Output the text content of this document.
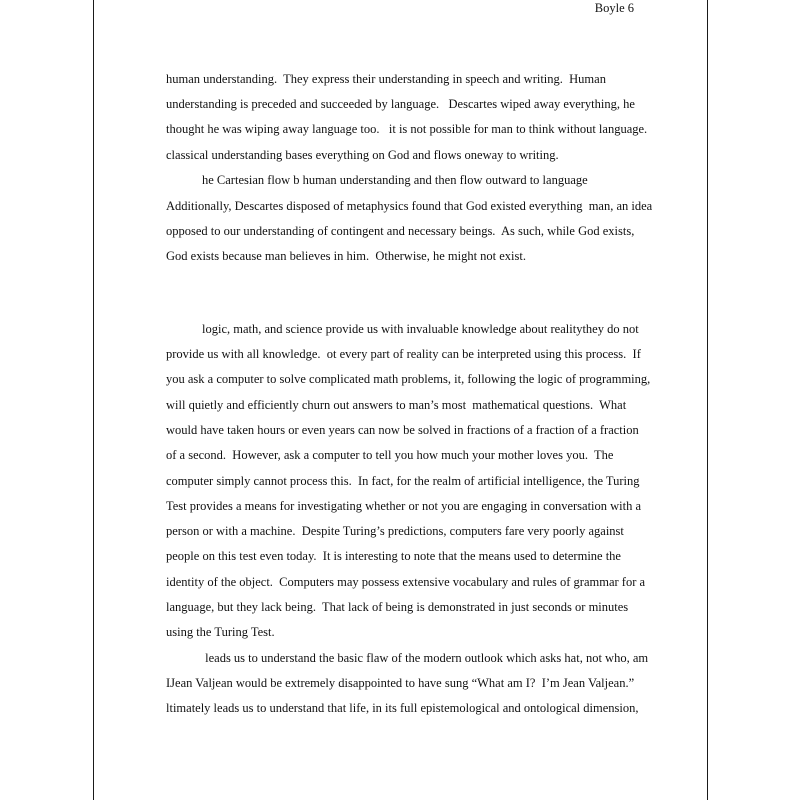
Boyle 6
human understanding.  They express their understanding in speech and writing.  Human
understanding is preceded and succeeded by language.   Descartes wiped away everything, he
thought he was wiping away language too.   it is not possible for man to think without language.
classical understanding bases everything on God and flows oneway to writing.
he Cartesian flow b human understanding and then flow outward to language
Additionally, Descartes disposed of metaphysics found that God existed everything  man, an idea
opposed to our understanding of contingent and necessary beings.  As such, while God exists,
God exists because man believes in him.  Otherwise, he might not exist.
logic, math, and science provide us with invaluable knowledge about realitythey do not
provide us with all knowledge.  ot every part of reality can be interpreted using this process.  If
you ask a computer to solve complicated math problems, it, following the logic of programming,
will quietly and efficiently churn out answers to man’s most  mathematical questions.  What
would have taken hours or even years can now be solved in fractions of a fraction of a fraction
of a second.  However, ask a computer to tell you how much your mother loves you.  The
computer simply cannot process this.  In fact, for the realm of artificial intelligence, the Turing
Test provides a means for investigating whether or not you are engaging in conversation with a
person or with a machine.  Despite Turing’s predictions, computers fare very poorly against
people on this test even today.  It is interesting to note that the means used to determine the
identity of the object.  Computers may possess extensive vocabulary and rules of grammar for a
language, but they lack being.  That lack of being is demonstrated in just seconds or minutes
using the Turing Test.
leads us to understand the basic flaw of the modern outlook which asks hat, not who, am
IJean Valjean would be extremely disappointed to have sung “What am I?  I’m Jean Valjean.”
ltimately leads us to understand that life, in its full epistemological and ontological dimension,
